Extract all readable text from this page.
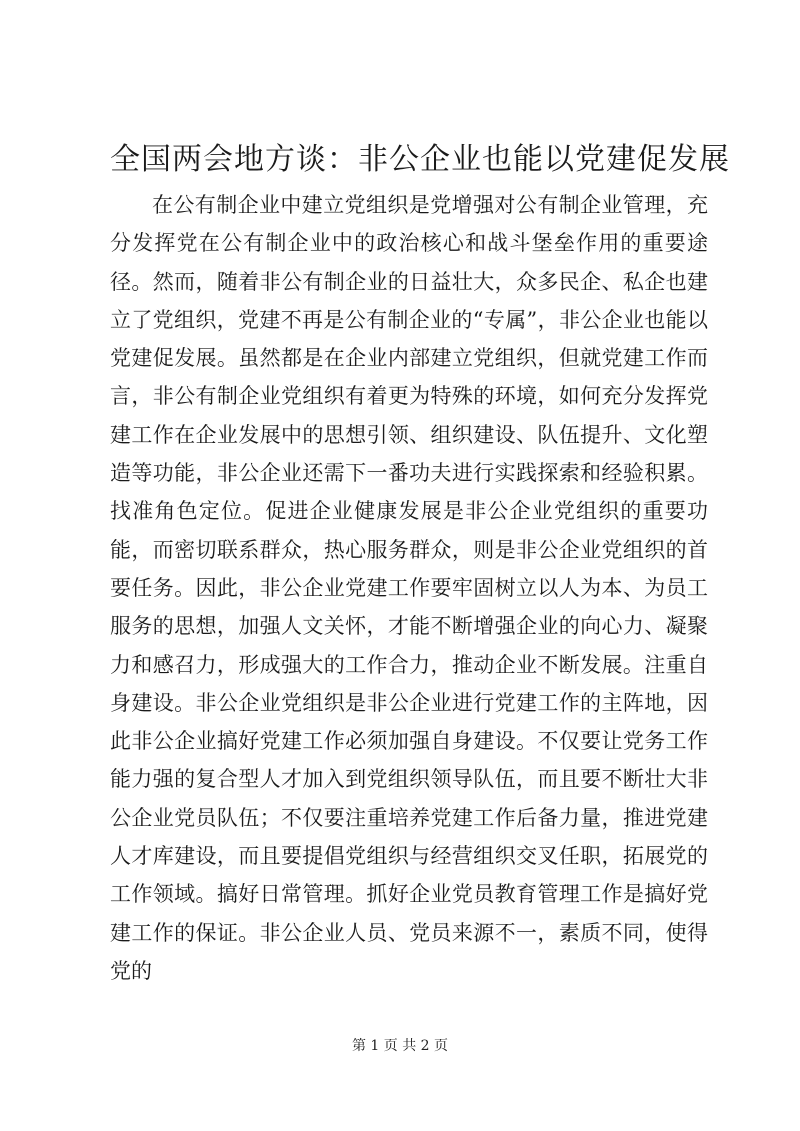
全国两会地方谈：非公企业也能以党建促发展

在公有制企业中建立党组织是党增强对公有制企业管理，充分发挥党在公有制企业中的政治核心和战斗堡垒作用的重要途径。然而，随着非公有制企业的日益壮大，众多民企、私企也建立了党组织，党建不再是公有制企业的“专属”，非公企业也能以党建促发展。虽然都是在企业内部建立党组织，但就党建工作而言，非公有制企业党组织有着更为特殊的环境，如何充分发挥党建工作在企业发展中的思想引领、组织建设、队伍提升、文化塑造等功能，非公企业还需下一番功夫进行实践探索和经验积累。找准角色定位。促进企业健康发展是非公企业党组织的重要功能，而密切联系群众，热心服务群众，则是非公企业党组织的首要任务。因此，非公企业党建工作要牢固树立以人为本、为员工服务的思想，加强人文关怀，才能不断增强企业的向心力、凝聚力和感召力，形成强大的工作合力，推动企业不断发展。注重自身建设。非公企业党组织是非公企业进行党建工作的主阵地，因此非公企业搞好党建工作必须加强自身建设。不仅要让党务工作能力强的复合型人才加入到党组织领导队伍，而且要不断壮大非公企业党员队伍；不仅要注重培养党建工作后备力量，推进党建人才库建设，而且要提倡党组织与经营组织交叉任职，拓展党的工作领域。搞好日常管理。抓好企业党员教育管理工作是搞好党建工作的保证。非公企业人员、党员来源不一，素质不同，使得党的

第 1 页 共 2 页
